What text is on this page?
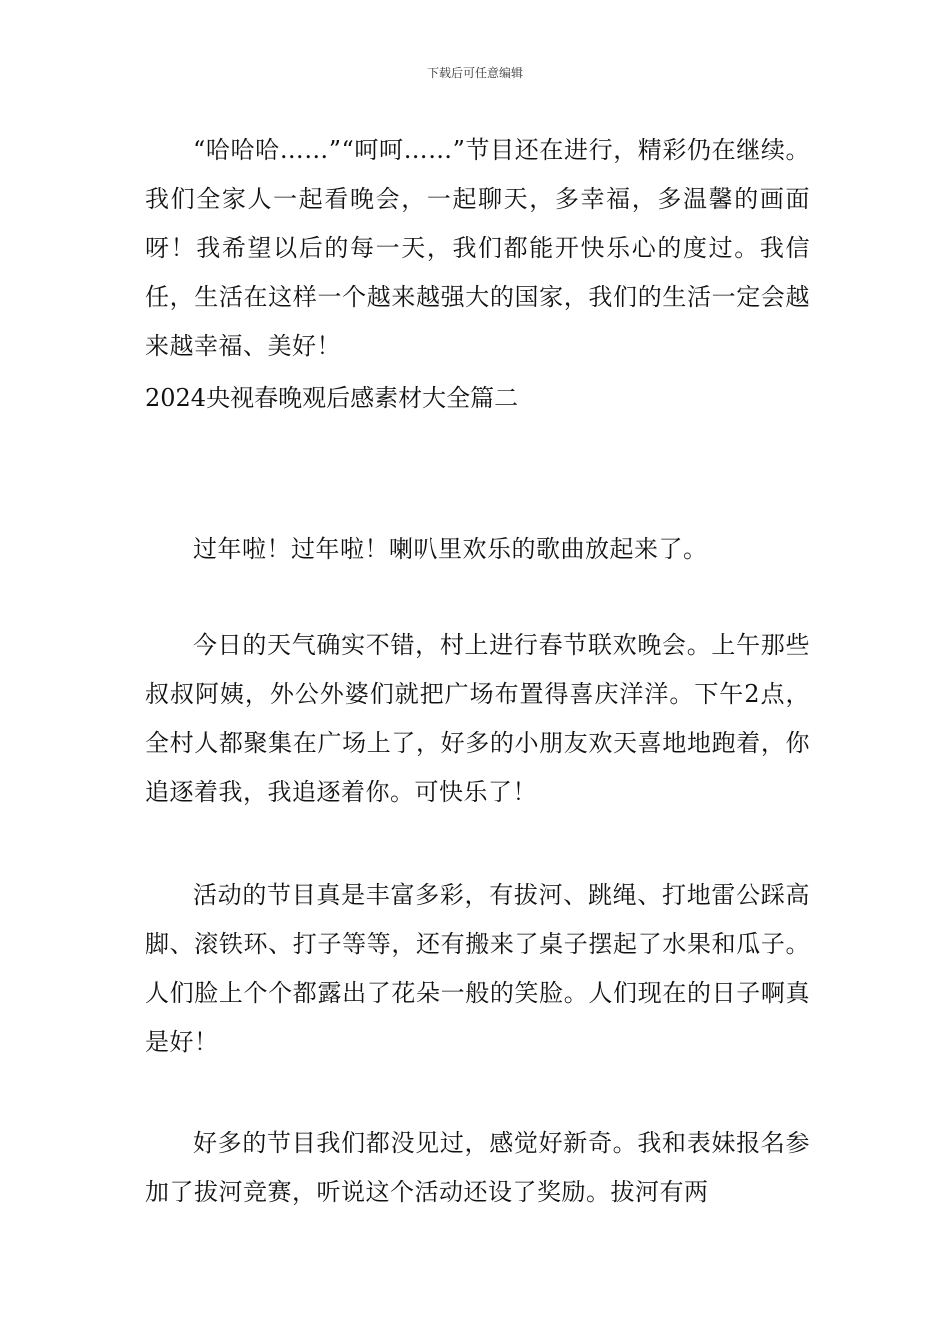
下载后可任意编辑

“哈哈哈……”“呵呵……”节目还在进行，精彩仍在继续。我们全家人一起看晚会，一起聊天，多幸福，多温馨的画面呀！我希望以后的每一天，我们都能开快乐心的度过。我信任，生活在这样一个越来越强大的国家，我们的生活一定会越来越幸福、美好！

2024央视春晚观后感素材大全篇二

过年啦！过年啦！喇叭里欢乐的歌曲放起来了。

今日的天气确实不错，村上进行春节联欢晚会。上午那些叔叔阿姨，外公外婆们就把广场布置得喜庆洋洋。下午2点，全村人都聚集在广场上了，好多的小朋友欢天喜地地跑着，你追逐着我，我追逐着你。可快乐了！

活动的节目真是丰富多彩，有拔河、跳绳、打地雷公踩高脚、滚铁环、打子等等，还有搬来了桌子摆起了水果和瓜子。人们脸上个个都露出了花朵一般的笑脸。人们现在的日子啊真是好！

好多的节目我们都没见过，感觉好新奇。我和表妹报名参加了拔河竞赛，听说这个活动还设了奖励。拔河有两
